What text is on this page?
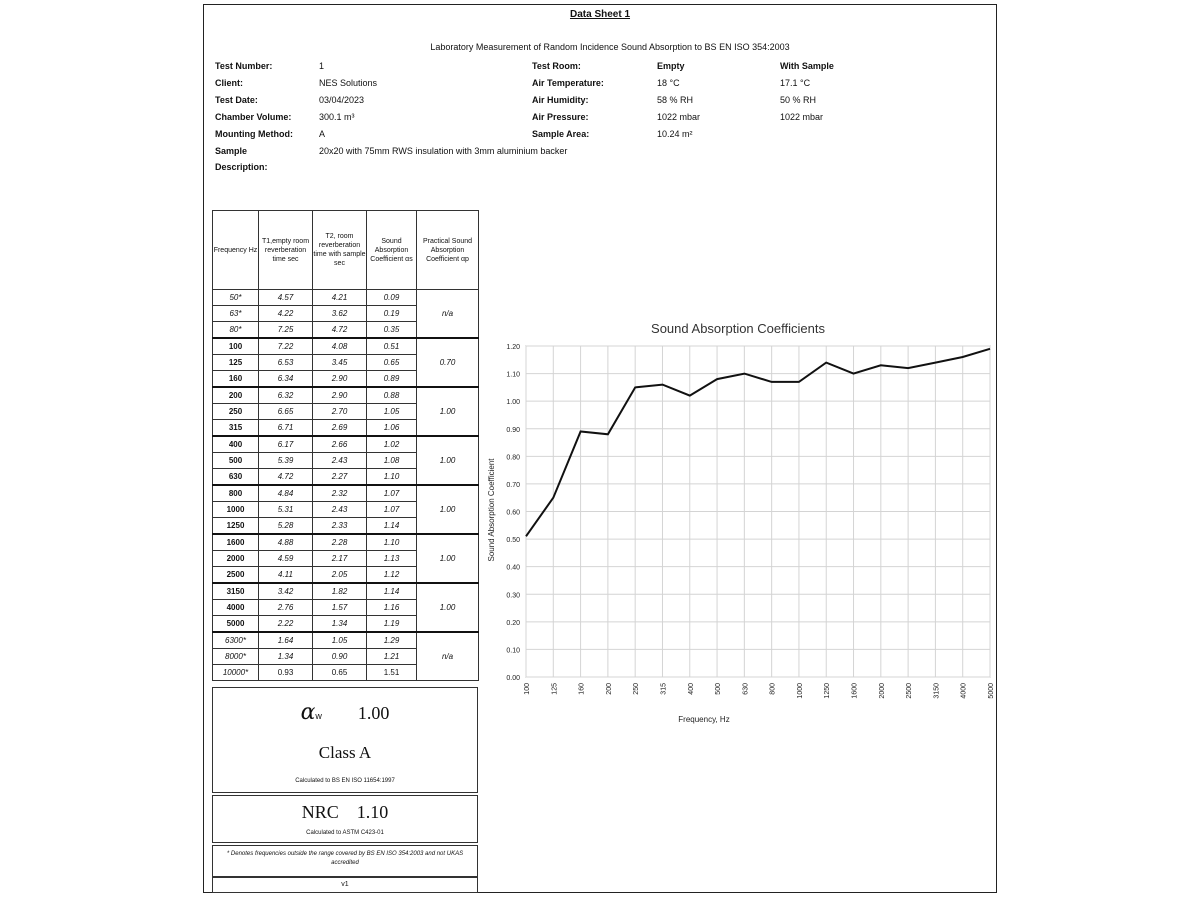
Data Sheet 1
Laboratory Measurement of Random Incidence Sound Absorption to BS EN ISO 354:2003
Test Number:	1
Client:	NES Solutions
Test Date:	03/04/2023
Chamber Volume:	300.1 m³
Mounting Method:	A
Sample	20x20 with 75mm RWS insulation with 3mm aluminium backer
Description:
Test Room:	Empty	With Sample
Air Temperature:	18 °C	17.1 °C
Air Humidity:	58 % RH	50 % RH
Air Pressure:	1022 mbar	1022 mbar
Sample Area:	10.24 m²
Frequency Hz	T1,empty room reverberation time sec	T2, room reverberation time with sample sec	Sound Absorption Coefficient αs	Practical Sound Absorption Coefficient αp
50*	4.57	4.21	0.09	n/a
63*	4.22	3.62	0.19	
80*	7.25	4.72	0.35	
100	7.22	4.08	0.51	0.70
125	6.53	3.45	0.65	
160	6.34	2.90	0.89	
200	6.32	2.90	0.88	1.00
250	6.65	2.70	1.05	
315	6.71	2.69	1.06	
400	6.17	2.66	1.02	1.00
500	5.39	2.43	1.08	
630	4.72	2.27	1.10	
800	4.84	2.32	1.07	1.00
1000	5.31	2.43	1.07	
1250	5.28	2.33	1.14	
1600	4.88	2.28	1.10	1.00
2000	4.59	2.17	1.13	
2500	4.11	2.05	1.12	
3150	3.42	1.82	1.14	1.00
4000	2.76	1.57	1.16	
5000	2.22	1.34	1.19	
6300*	1.64	1.05	1.29	n/a
8000*	1.34	0.90	1.21	
10000*	0.93	0.65	1.51	
αw 1.00
Class A
Calculated to BS EN ISO 11654:1997
NRC 1.10
Calculated to ASTM C423-01
* Denotes frequencies outside the range covered by BS EN ISO 354:2003 and not UKAS accredited
v1
Sound Absorption Coefficients
0.00
0.10
0.20
0.30
0.40
0.50
0.60
0.70
0.80
0.90
1.00
1.10
1.20
100	125	160	200	250	315	400	500	630	800	1000	1250	1600	2000	2500	3150	4000	5000
Frequency, Hz
Sound Absorption Coefficient
